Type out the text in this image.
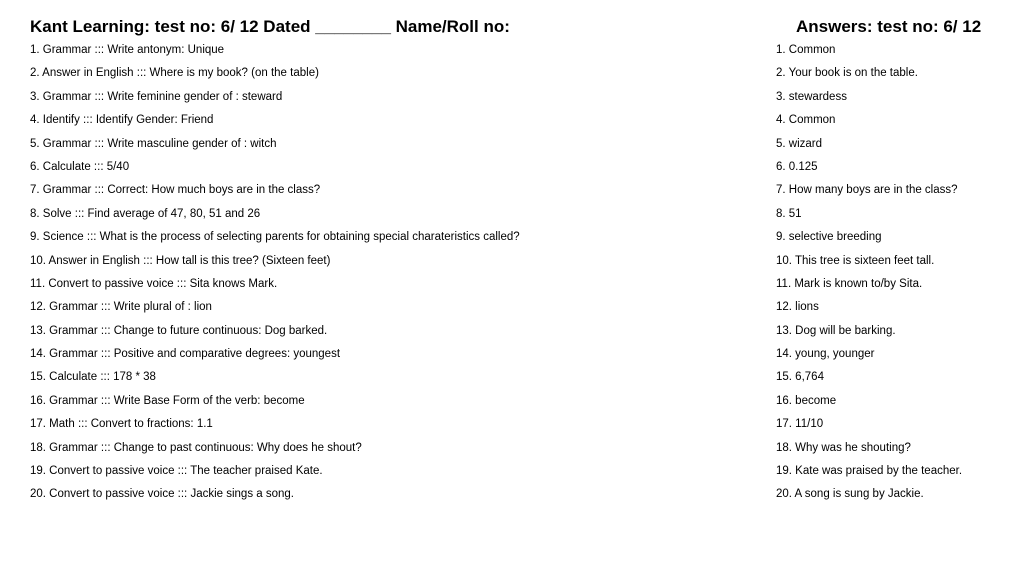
Kant Learning: test no: 6/ 12 Dated ________ Name/Roll no:
1. Grammar ::: Write antonym: Unique
2. Answer in English ::: Where is my book? (on the table)
3. Grammar ::: Write feminine gender of : steward
4. Identify ::: Identify Gender: Friend
5. Grammar ::: Write masculine gender of : witch
6. Calculate ::: 5/40
7. Grammar ::: Correct: How much boys are in the class?
8. Solve ::: Find average of 47, 80, 51 and 26
9. Science ::: What is the process of selecting parents for obtaining special charateristics called?
10. Answer in English ::: How tall is this tree? (Sixteen feet)
11. Convert to passive voice ::: Sita knows Mark.
12. Grammar ::: Write plural of : lion
13. Grammar ::: Change to future continuous: Dog barked.
14. Grammar ::: Positive and comparative degrees: youngest
15. Calculate ::: 178 * 38
16. Grammar ::: Write Base Form of the verb: become
17. Math ::: Convert to fractions: 1.1
18. Grammar ::: Change to past continuous: Why does he shout?
19. Convert to passive voice ::: The teacher praised Kate.
20. Convert to passive voice ::: Jackie sings a song.
Answers: test no: 6/ 12
1. Common
2. Your book is on the table.
3. stewardess
4. Common
5. wizard
6. 0.125
7. How many boys are in the class?
8. 51
9. selective breeding
10. This tree is sixteen feet tall.
11. Mark is known to/by Sita.
12. lions
13. Dog will be barking.
14. young, younger
15. 6,764
16. become
17. 11/10
18. Why was he shouting?
19. Kate was praised by the teacher.
20. A song is sung by Jackie.
